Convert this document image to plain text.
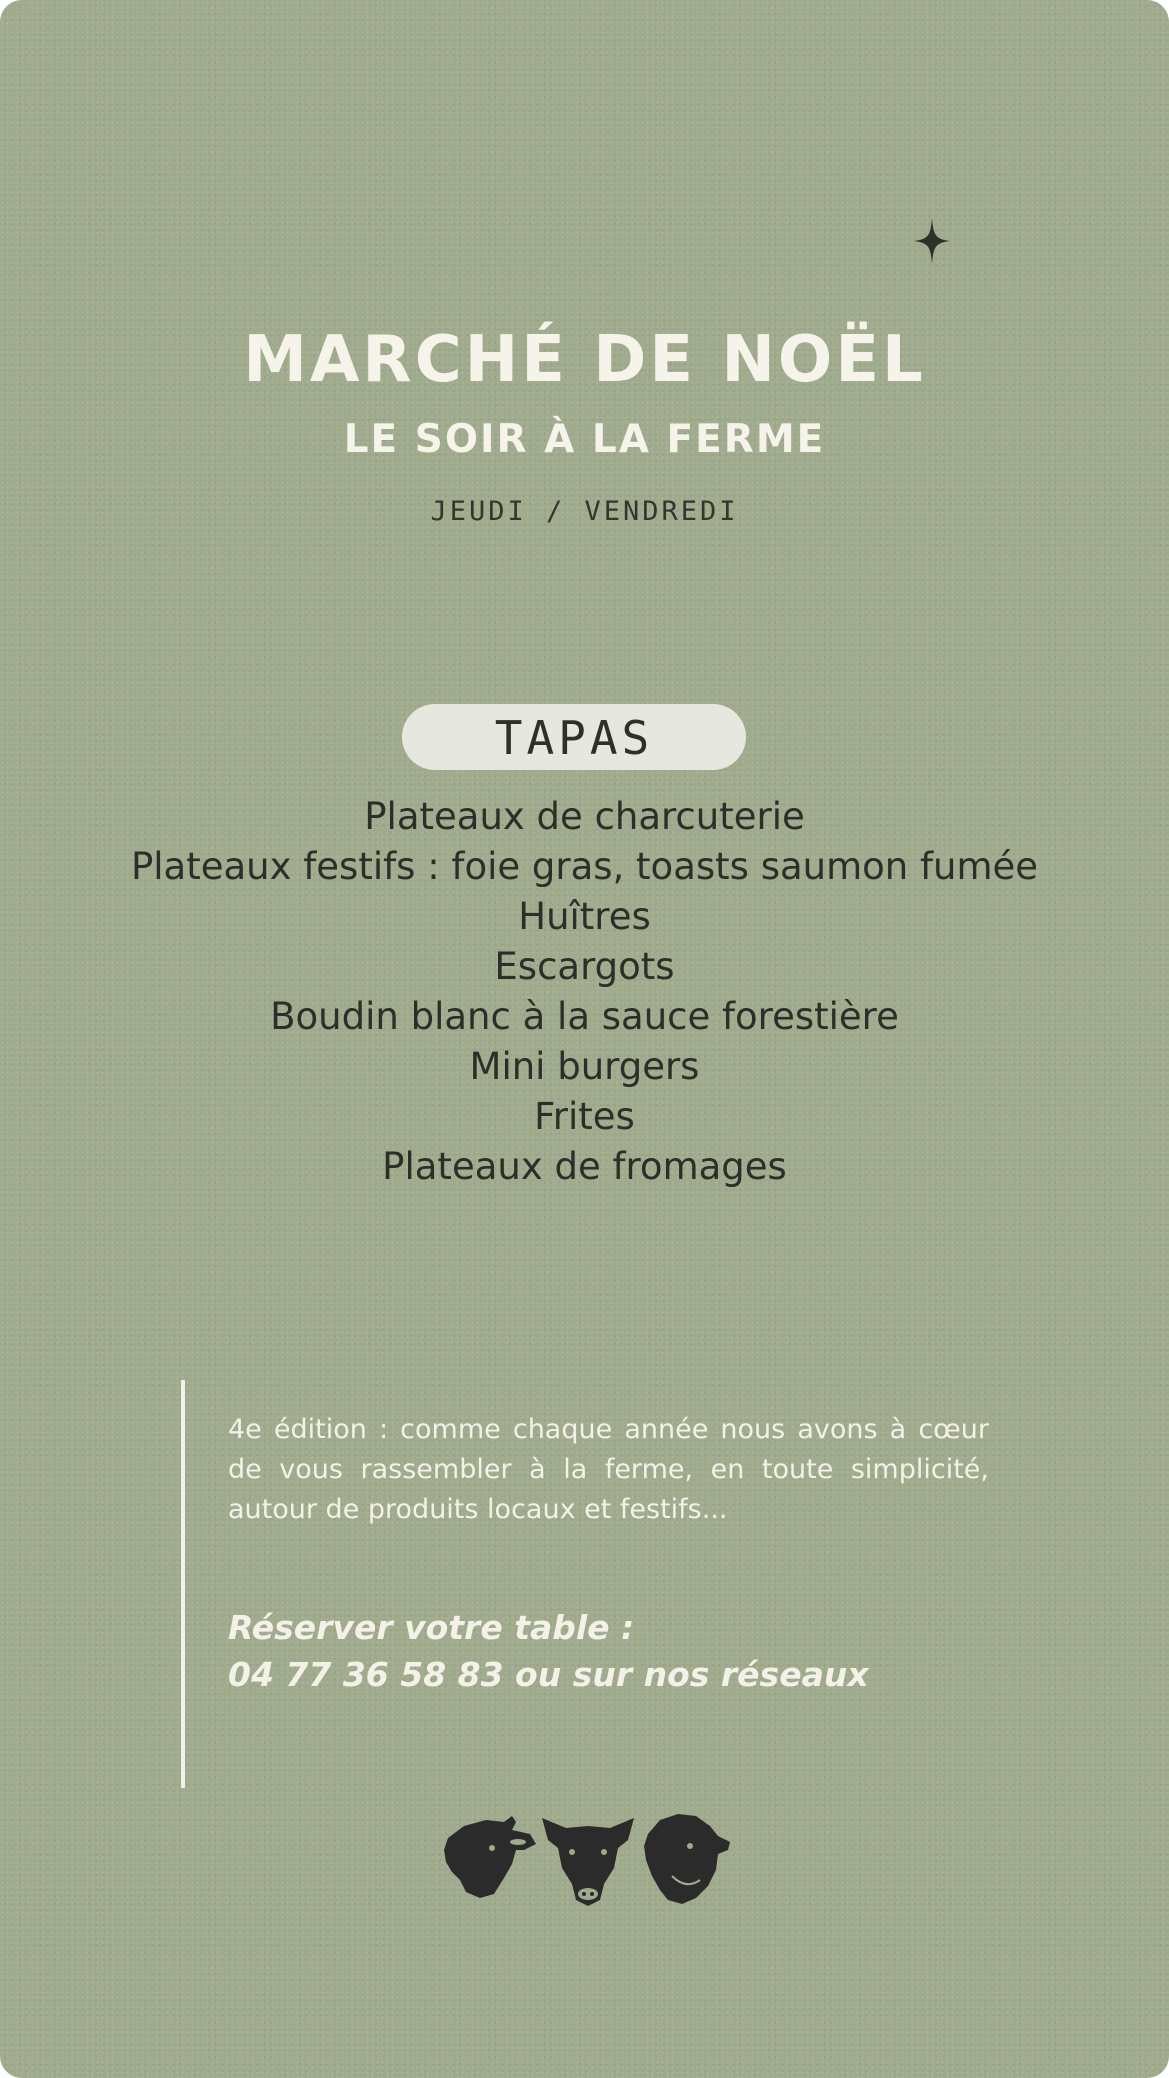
MARCHÉ DE NOËL
LE SOIR À LA FERME
JEUDI / VENDREDI
TAPAS
Plateaux de charcuterie
Plateaux festifs : foie gras, toasts saumon fumée
Huîtres
Escargots
Boudin blanc à la sauce forestière
Mini burgers
Frites
Plateaux de fromages
4e édition : comme chaque année nous avons à cœur de vous rassembler à la ferme, en toute simplicité, autour de produits locaux et festifs...
Réserver votre table :
04 77 36 58 83 ou sur nos réseaux
